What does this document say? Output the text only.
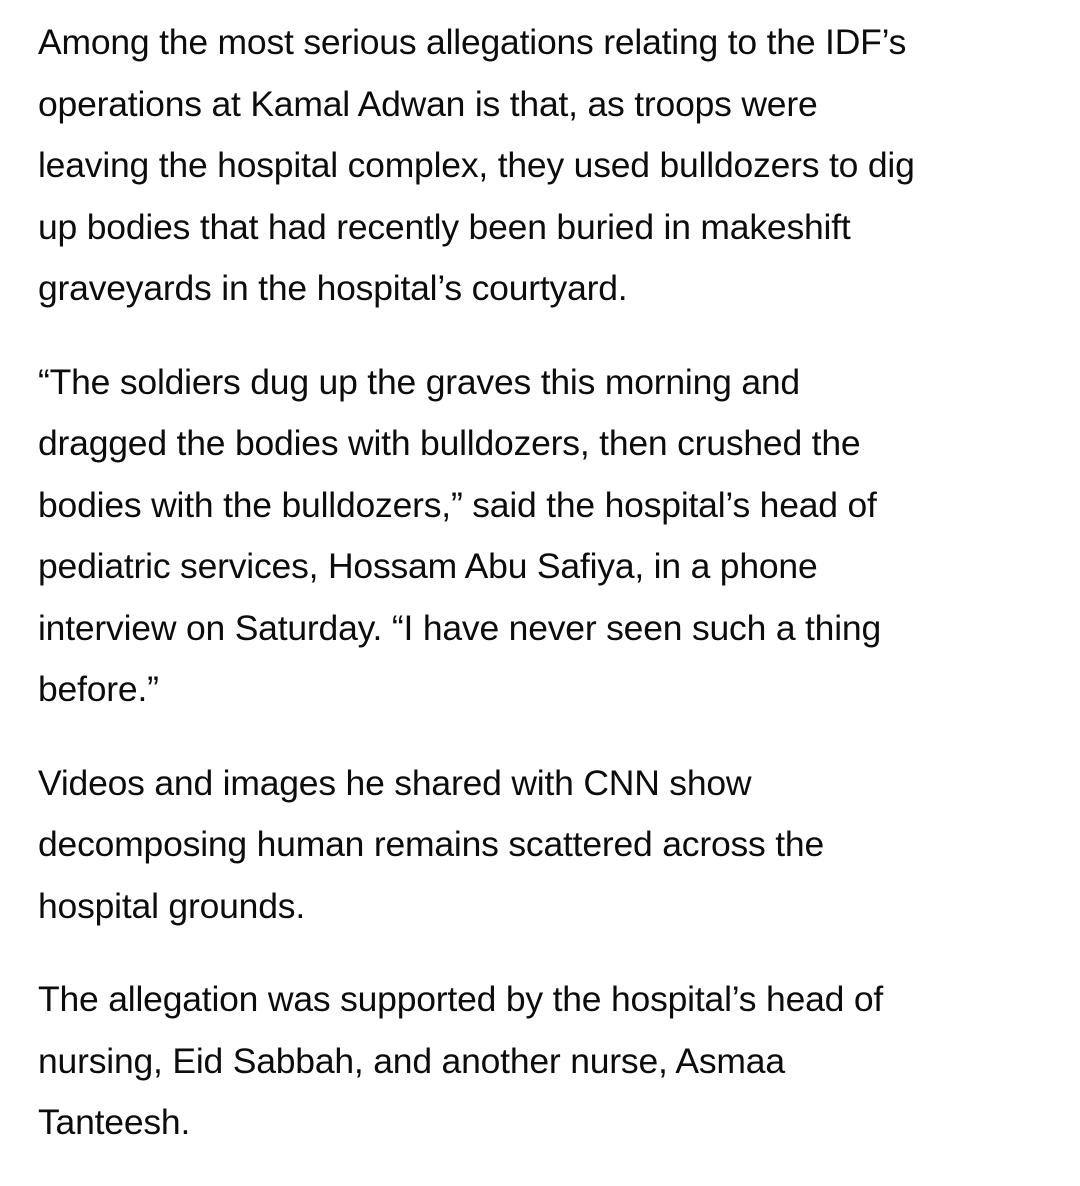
Among the most serious allegations relating to the IDF’s
operations at Kamal Adwan is that, as troops were
leaving the hospital complex, they used bulldozers to dig
up bodies that had recently been buried in makeshift
graveyards in the hospital’s courtyard.

“The soldiers dug up the graves this morning and
dragged the bodies with bulldozers, then crushed the
bodies with the bulldozers,” said the hospital’s head of
pediatric services, Hossam Abu Safiya, in a phone
interview on Saturday. “I have never seen such a thing
before.”

Videos and images he shared with CNN show
decomposing human remains scattered across the
hospital grounds.

The allegation was supported by the hospital’s head of
nursing, Eid Sabbah, and another nurse, Asmaa
Tanteesh.
